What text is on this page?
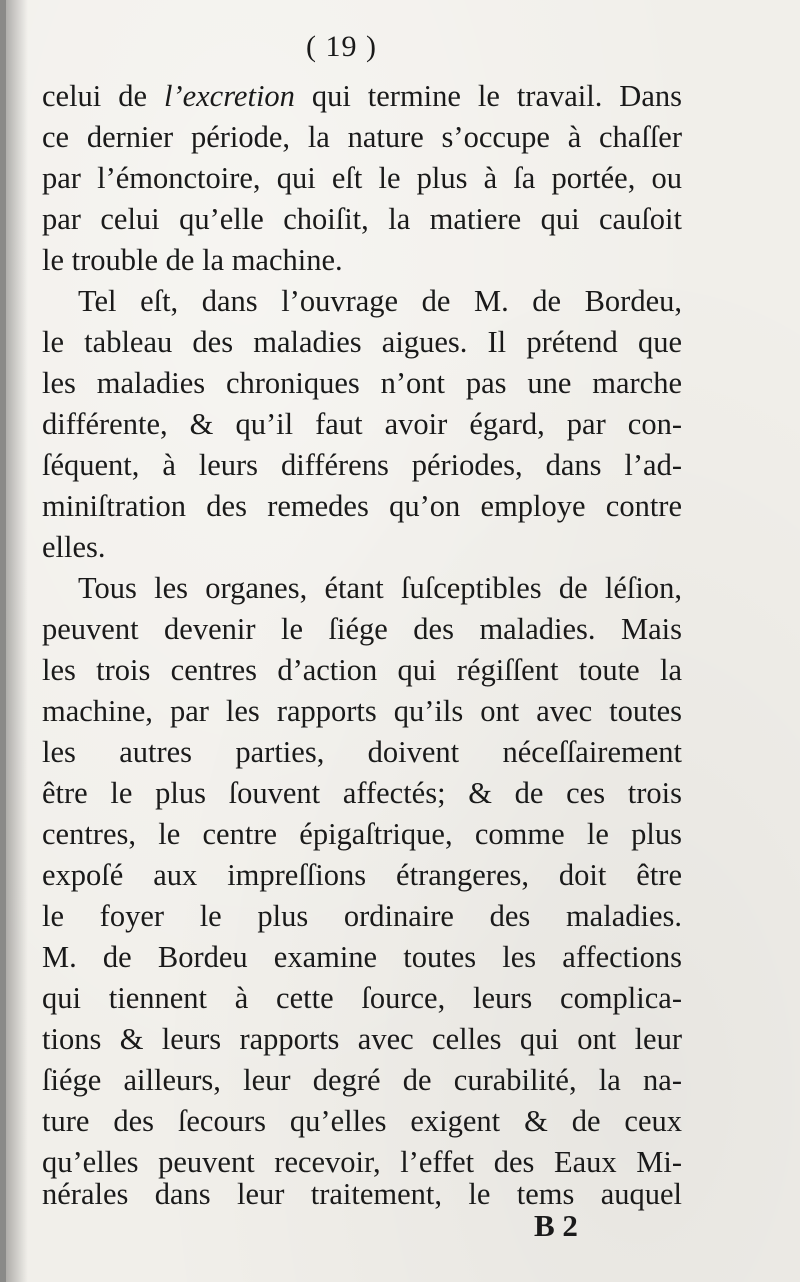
( 19 )
celui de l’excretion qui termine le travail. Dans
ce dernier période, la nature s’occupe à chaſſer
par l’émonctoire, qui eſt le plus à ſa portée, ou
par celui qu’elle choiſit, la matiere qui cauſoit
le trouble de la machine.
Tel eſt, dans l’ouvrage de M. de Bordeu,
le tableau des maladies aigues. Il prétend que
les maladies chroniques n’ont pas une marche
différente, & qu’il faut avoir égard, par con-
ſéquent, à leurs différens périodes, dans l’ad-
miniſtration des remedes qu’on employe contre
elles.
Tous les organes, étant ſuſceptibles de léſion,
peuvent devenir le ſiége des maladies. Mais
les trois centres d’action qui régiſſent toute la
machine, par les rapports qu’ils ont avec toutes
les autres parties, doivent néceſſairement
être le plus ſouvent affectés; & de ces trois
centres, le centre épigaſtrique, comme le plus
expoſé aux impreſſions étrangeres, doit être
le foyer le plus ordinaire des maladies.
M. de Bordeu examine toutes les affections
qui tiennent à cette ſource, leurs complica-
tions & leurs rapports avec celles qui ont leur
ſiége ailleurs, leur degré de curabilité, la na-
ture des ſecours qu’elles exigent & de ceux
qu’elles peuvent recevoir, l’effet des Eaux Mi-
nérales dans leur traitement, le tems auquel
B 2
